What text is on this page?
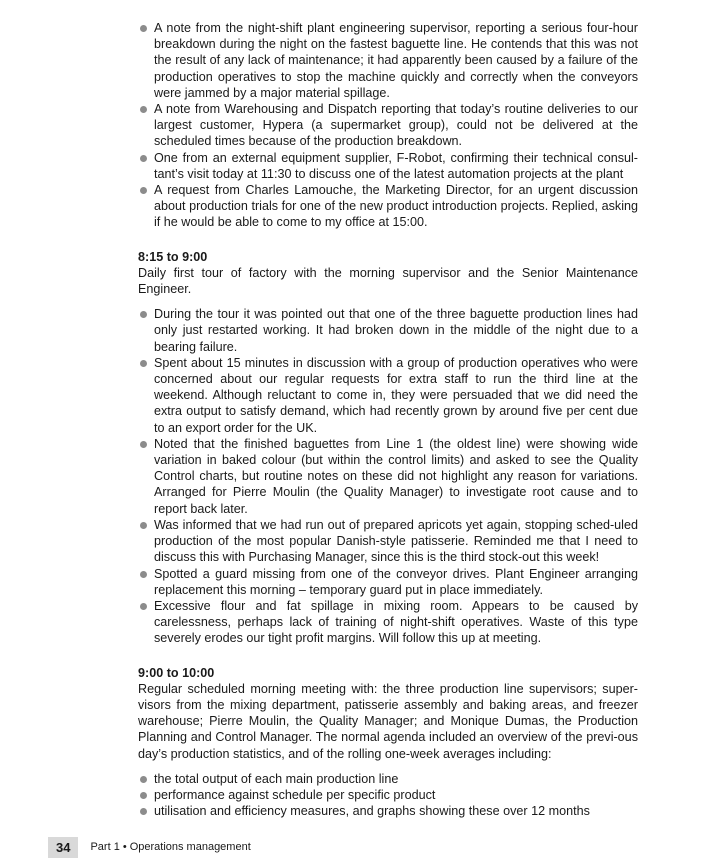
A note from the night-shift plant engineering supervisor, reporting a serious four-hour breakdown during the night on the fastest baguette line. He contends that this was not the result of any lack of maintenance; it had apparently been caused by a failure of the production operatives to stop the machine quickly and correctly when the conveyors were jammed by a major material spillage.
A note from Warehousing and Dispatch reporting that today’s routine deliveries to our largest customer, Hypera (a supermarket group), could not be delivered at the scheduled times because of the production breakdown.
One from an external equipment supplier, F-Robot, confirming their technical consul-tant’s visit today at 11:30 to discuss one of the latest automation projects at the plant
A request from Charles Lamouche, the Marketing Director, for an urgent discussion about production trials for one of the new product introduction projects. Replied, asking if he would be able to come to my office at 15:00.
8:15 to 9:00

Daily first tour of factory with the morning supervisor and the Senior Maintenance Engineer.

During the tour it was pointed out that one of the three baguette production lines had only just restarted working. It had broken down in the middle of the night due to a bearing failure.
Spent about 15 minutes in discussion with a group of production operatives who were concerned about our regular requests for extra staff to run the third line at the weekend. Although reluctant to come in, they were persuaded that we did need the extra output to satisfy demand, which had recently grown by around five per cent due to an export order for the UK.
Noted that the finished baguettes from Line 1 (the oldest line) were showing wide variation in baked colour (but within the control limits) and asked to see the Quality Control charts, but routine notes on these did not highlight any reason for variations. Arranged for Pierre Moulin (the Quality Manager) to investigate root cause and to report back later.
Was informed that we had run out of prepared apricots yet again, stopping sched-uled production of the most popular Danish-style patisserie. Reminded me that I need to discuss this with Purchasing Manager, since this is the third stock-out this week!
Spotted a guard missing from one of the conveyor drives. Plant Engineer arranging replacement this morning – temporary guard put in place immediately.
Excessive flour and fat spillage in mixing room. Appears to be caused by carelessness, perhaps lack of training of night-shift operatives. Waste of this type severely erodes our tight profit margins. Will follow this up at meeting.
9:00 to 10:00

Regular scheduled morning meeting with: the three production line supervisors; super-visors from the mixing department, patisserie assembly and baking areas, and freezer warehouse; Pierre Moulin, the Quality Manager; and Monique Dumas, the Production Planning and Control Manager. The normal agenda included an overview of the previ-ous day’s production statistics, and of the rolling one-week averages including:

the total output of each main production line
performance against schedule per specific product
utilisation and efficiency measures, and graphs showing these over 12 months
34	Part 1 • Operations management
